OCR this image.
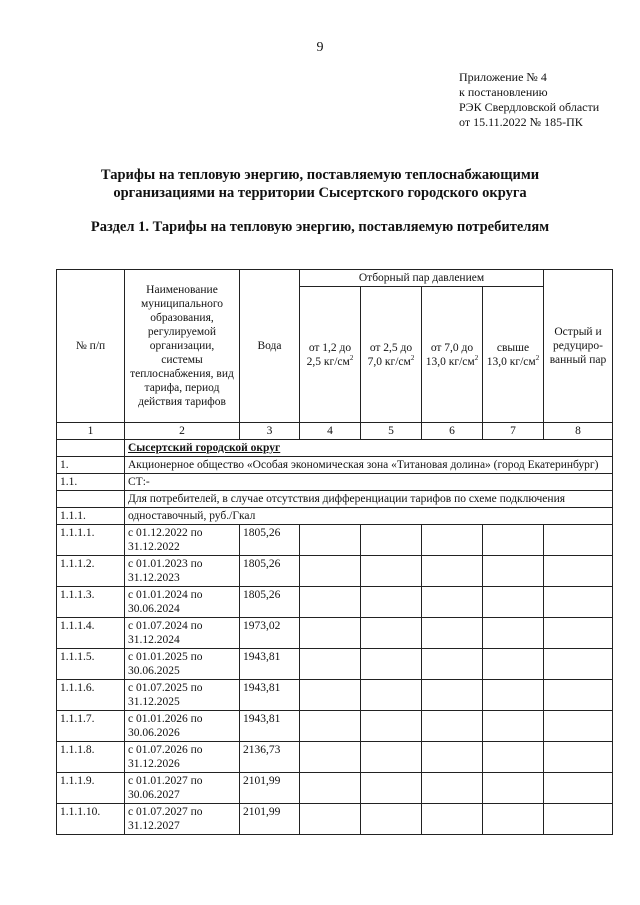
9
Приложение № 4
к постановлению
РЭК Свердловской области
от 15.11.2022 № 185-ПК
Тарифы на тепловую энергию, поставляемую теплоснабжающими
организациями на территории Сысертского городского округа
Раздел 1. Тарифы на тепловую энергию, поставляемую потребителям
№ п/п	Наименование муниципального образования, регулируемой организации, системы теплоснабжения, вид тарифа, период действия тарифов	Вода	Отборный пар давлением				Острый и редуциро-ванный пар
			от 1,2 до 2,5 $кг/см^2$	от 2,5 до 7,0 $кг/см^2$	от 7,0 до 13,0 $кг/см^2$	свыше 13,0 $кг/см^2$
1	2	3	4	5	6	7	8
	Сысертский городской округ						
1.	Акционерное общество «Особая экономическая зона «Титановая долина» (город Екатеринбург)						
1.1.	СТ:-						
	Для потребителей, в случае отсутствия дифференциации тарифов по схеме подключения						
1.1.1.	одноставочный, руб./Гкал						
1.1.1.1.	с 01.12.2022 по 31.12.2022	1805,26					
1.1.1.2.	с 01.01.2023 по 31.12.2023	1805,26					
1.1.1.3.	с 01.01.2024 по 30.06.2024	1805,26					
1.1.1.4.	с 01.07.2024 по 31.12.2024	1973,02					
1.1.1.5.	с 01.01.2025 по 30.06.2025	1943,81					
1.1.1.6.	с 01.07.2025 по 31.12.2025	1943,81					
1.1.1.7.	с 01.01.2026 по 30.06.2026	1943,81					
1.1.1.8.	с 01.07.2026 по 31.12.2026	2136,73					
1.1.1.9.	с 01.01.2027 по 30.06.2027	2101,99					
1.1.1.10.	с 01.07.2027 по 31.12.2027	2101,99					
